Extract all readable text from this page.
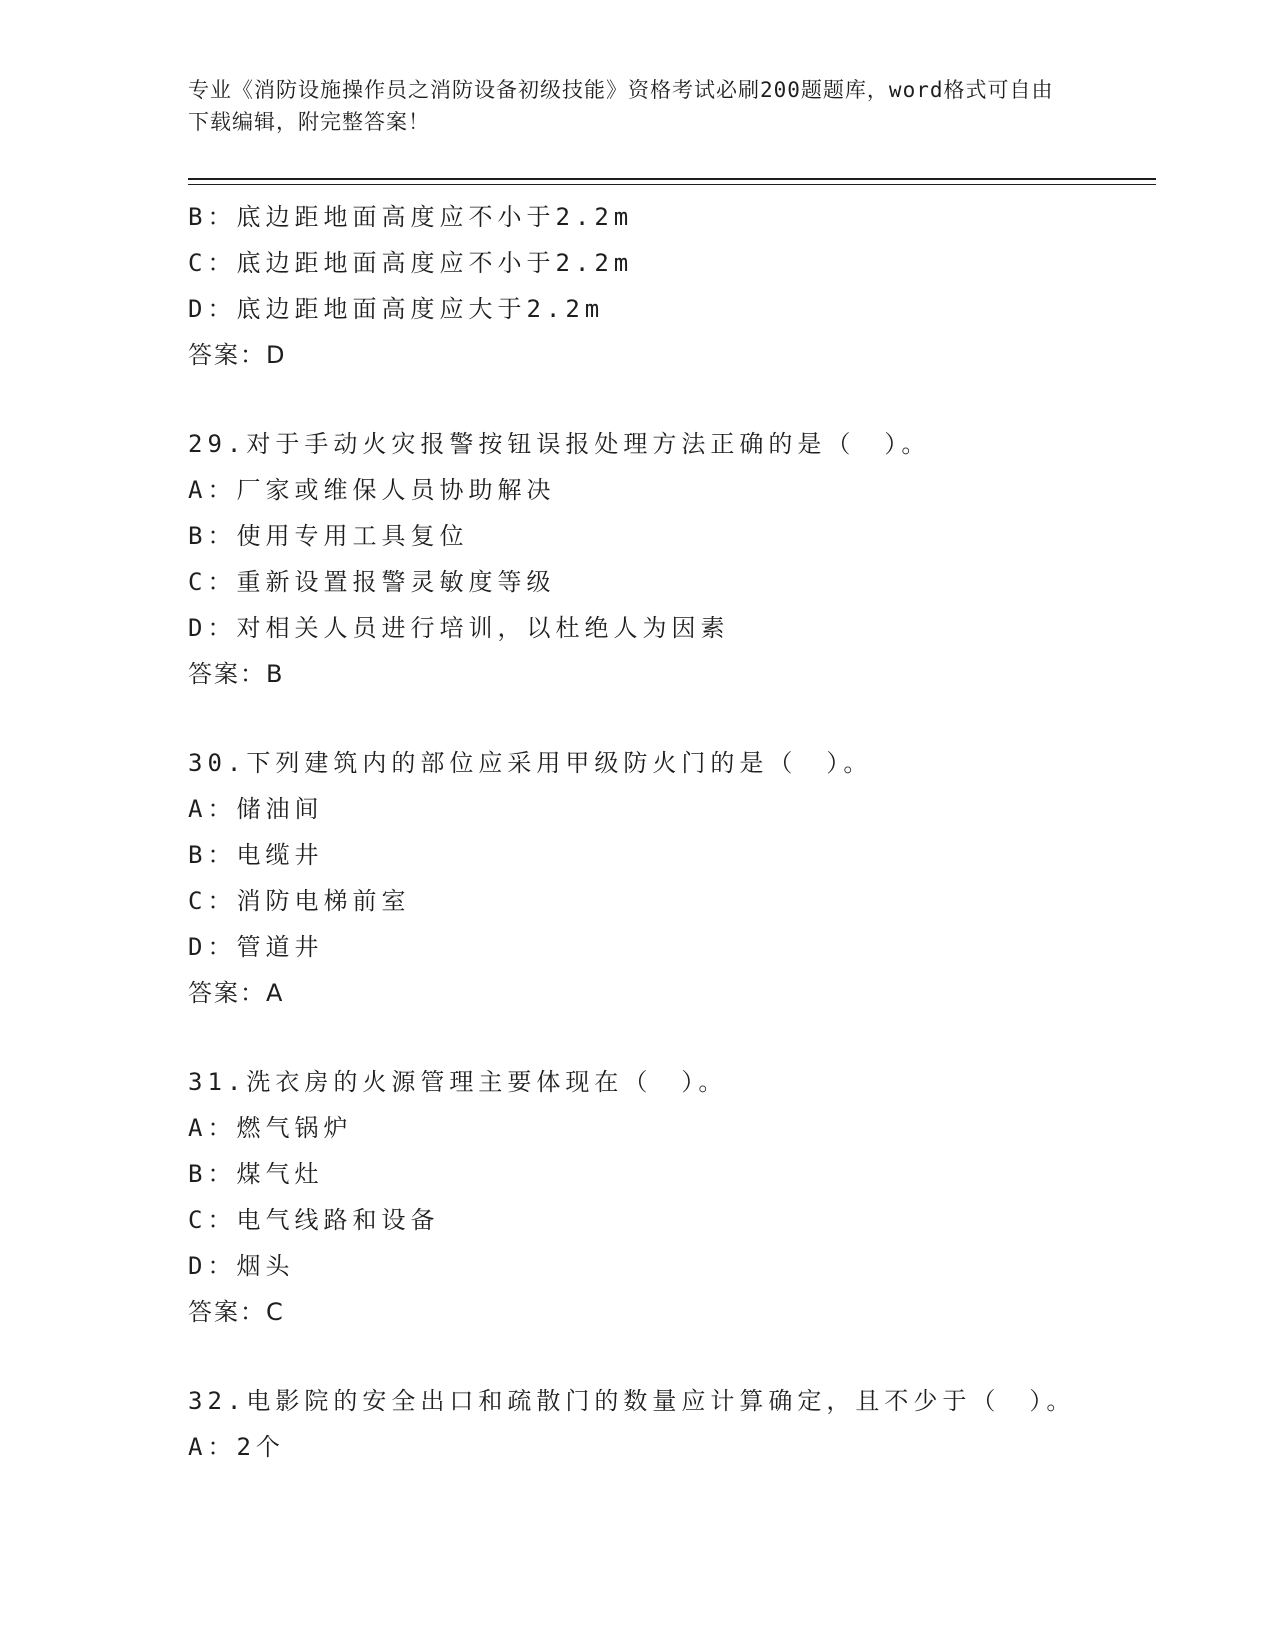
专业《消防设施操作员之消防设备初级技能》资格考试必刷200题题库，word格式可自由下载编辑，附完整答案！
B：底边距地面高度应不小于2.2m
C：底边距地面高度应不小于2.2m
D：底边距地面高度应大于2.2m
答案：D
29.对于手动火灾报警按钮误报处理方法正确的是（　）。
A：厂家或维保人员协助解决
B：使用专用工具复位
C：重新设置报警灵敏度等级
D：对相关人员进行培训，以杜绝人为因素
答案：B
30.下列建筑内的部位应采用甲级防火门的是（　）。
A：储油间
B：电缆井
C：消防电梯前室
D：管道井
答案：A
31.洗衣房的火源管理主要体现在（　）。
A：燃气锅炉
B：煤气灶
C：电气线路和设备
D：烟头
答案：C
32.电影院的安全出口和疏散门的数量应计算确定，且不少于（　）。
A：2个
